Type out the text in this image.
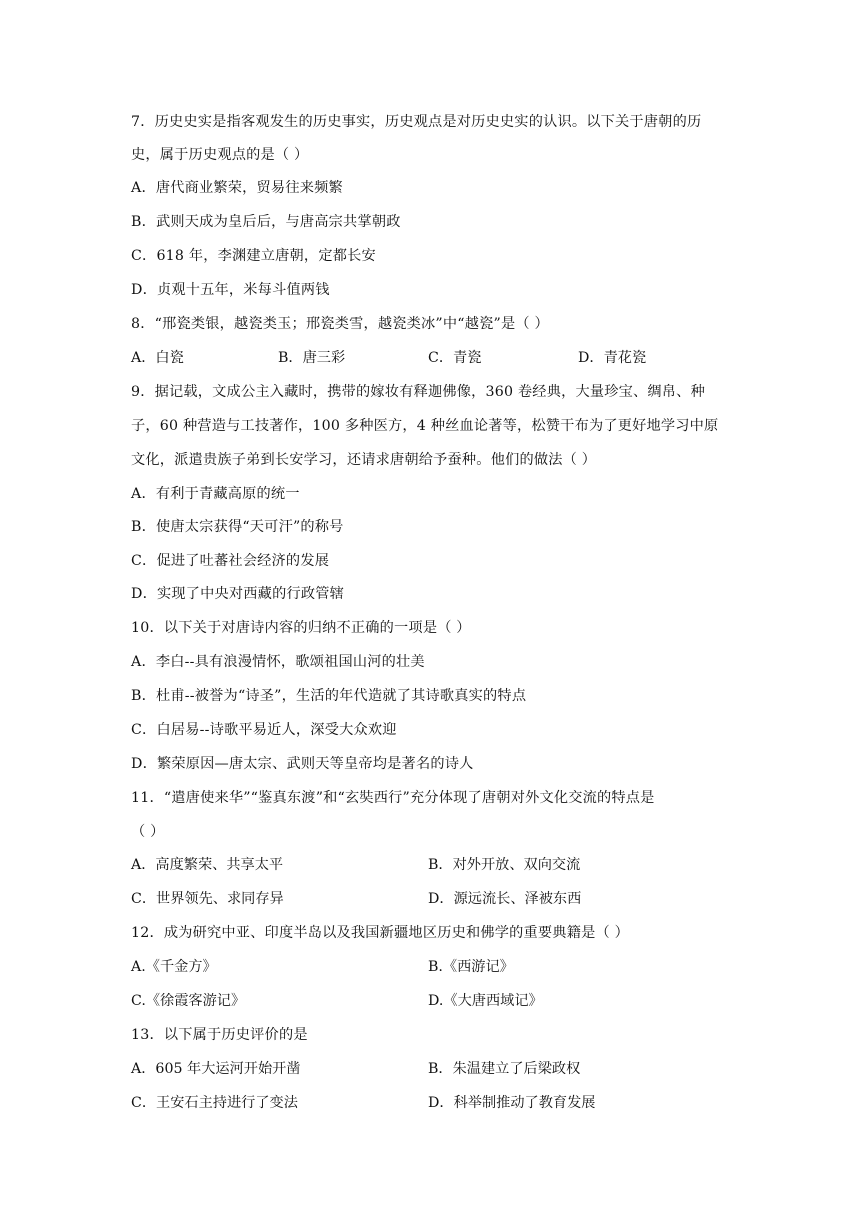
7．历史史实是指客观发生的历史事实，历史观点是对历史史实的认识。以下关于唐朝的历
史，属于历史观点的是（ ）
A．唐代商业繁荣，贸易往来频繁
B．武则天成为皇后后，与唐高宗共掌朝政
C．618 年，李渊建立唐朝，定都长安
D．贞观十五年，米每斗值两钱
8．“邢瓷类银，越瓷类玉；邢瓷类雪，越瓷类冰”中“越瓷”是（ ）
A．白瓷	B．唐三彩	C．青瓷	D．青花瓷
9．据记载，文成公主入藏时，携带的嫁妆有释迦佛像，360 卷经典，大量珍宝、绸帛、种
子，60 种营造与工技著作，100 多种医方，4 种丝血论著等，松赞干布为了更好地学习中原
文化，派遣贵族子弟到长安学习，还请求唐朝给予蚕种。他们的做法（ ）
A．有利于青藏高原的统一
B．使唐太宗获得“天可汗”的称号
C．促进了吐蕃社会经济的发展
D．实现了中央对西藏的行政管辖
10．以下关于对唐诗内容的归纳不正确的一项是（ ）
A．李白--具有浪漫情怀，歌颂祖国山河的壮美
B．杜甫--被誉为“诗圣”，生活的年代造就了其诗歌真实的特点
C．白居易--诗歌平易近人，深受大众欢迎
D．繁荣原因—唐太宗、武则天等皇帝均是著名的诗人
11．“遣唐使来华”“鉴真东渡”和“玄奘西行”充分体现了唐朝对外文化交流的特点是
（ ）
A．高度繁荣、共享太平	B．对外开放、双向交流
C．世界领先、求同存异	D．源远流长、泽被东西
12．成为研究中亚、印度半岛以及我国新疆地区历史和佛学的重要典籍是（ ）
A.《千金方》	B.《西游记》
C.《徐霞客游记》	D.《大唐西域记》
13．以下属于历史评价的是
A．605 年大运河开始开凿	B．朱温建立了后梁政权
C．王安石主持进行了变法	D．科举制推动了教育发展
